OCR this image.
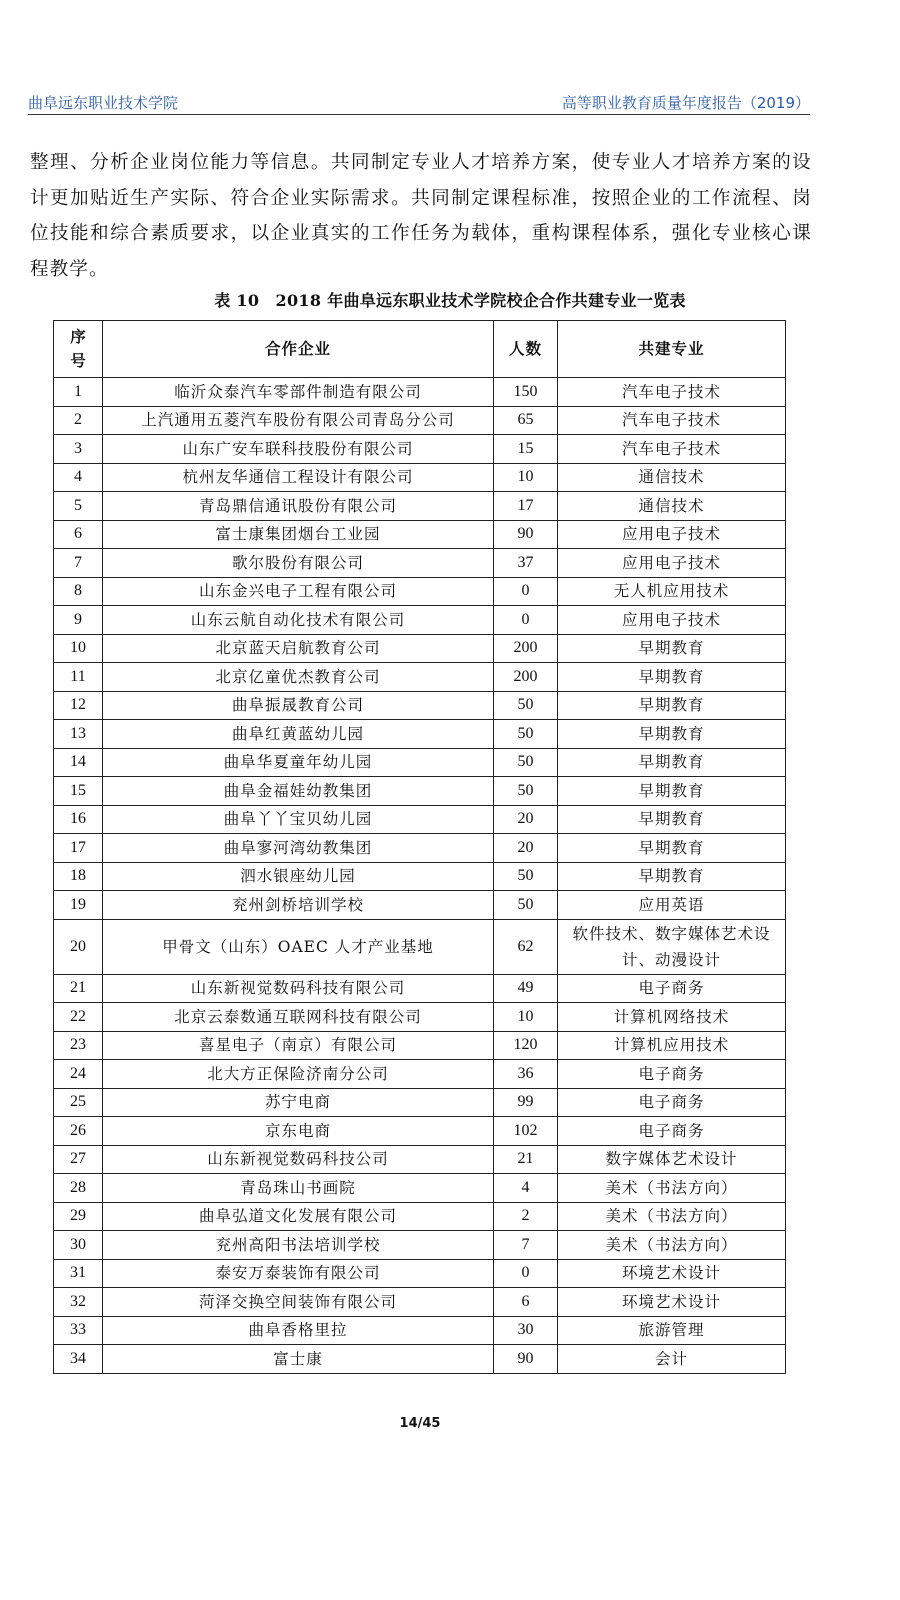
曲阜远东职业技术学院	高等职业教育质量年度报告（2019）
整理、分析企业岗位能力等信息。共同制定专业人才培养方案，使专业人才培养方案的设计更加贴近生产实际、符合企业实际需求。共同制定课程标准，按照企业的工作流程、岗位技能和综合素质要求，以企业真实的工作任务为载体，重构课程体系，强化专业核心课程教学。
表 10　2018 年曲阜远东职业技术学院校企合作共建专业一览表
序号	合作企业	人数	共建专业
1	临沂众泰汽车零部件制造有限公司	150	汽车电子技术
2	上汽通用五菱汽车股份有限公司青岛分公司	65	汽车电子技术
3	山东广安车联科技股份有限公司	15	汽车电子技术
4	杭州友华通信工程设计有限公司	10	通信技术
5	青岛鼎信通讯股份有限公司	17	通信技术
6	富士康集团烟台工业园	90	应用电子技术
7	歌尔股份有限公司	37	应用电子技术
8	山东金兴电子工程有限公司	0	无人机应用技术
9	山东云航自动化技术有限公司	0	应用电子技术
10	北京蓝天启航教育公司	200	早期教育
11	北京亿童优杰教育公司	200	早期教育
12	曲阜振晟教育公司	50	早期教育
13	曲阜红黄蓝幼儿园	50	早期教育
14	曲阜华夏童年幼儿园	50	早期教育
15	曲阜金福娃幼教集团	50	早期教育
16	曲阜丫丫宝贝幼儿园	20	早期教育
17	曲阜寥河湾幼教集团	20	早期教育
18	泗水银座幼儿园	50	早期教育
19	兖州剑桥培训学校	50	应用英语
20	甲骨文（山东）OAEC 人才产业基地	62	软件技术、数字媒体艺术设计、动漫设计
21	山东新视觉数码科技有限公司	49	电子商务
22	北京云泰数通互联网科技有限公司	10	计算机网络技术
23	喜星电子（南京）有限公司	120	计算机应用技术
24	北大方正保险济南分公司	36	电子商务
25	苏宁电商	99	电子商务
26	京东电商	102	电子商务
27	山东新视觉数码科技公司	21	数字媒体艺术设计
28	青岛珠山书画院	4	美术（书法方向）
29	曲阜弘道文化发展有限公司	2	美术（书法方向）
30	兖州高阳书法培训学校	7	美术（书法方向）
31	泰安万泰装饰有限公司	0	环境艺术设计
32	菏泽交换空间装饰有限公司	6	环境艺术设计
33	曲阜香格里拉	30	旅游管理
34	富士康	90	会计
14/45
